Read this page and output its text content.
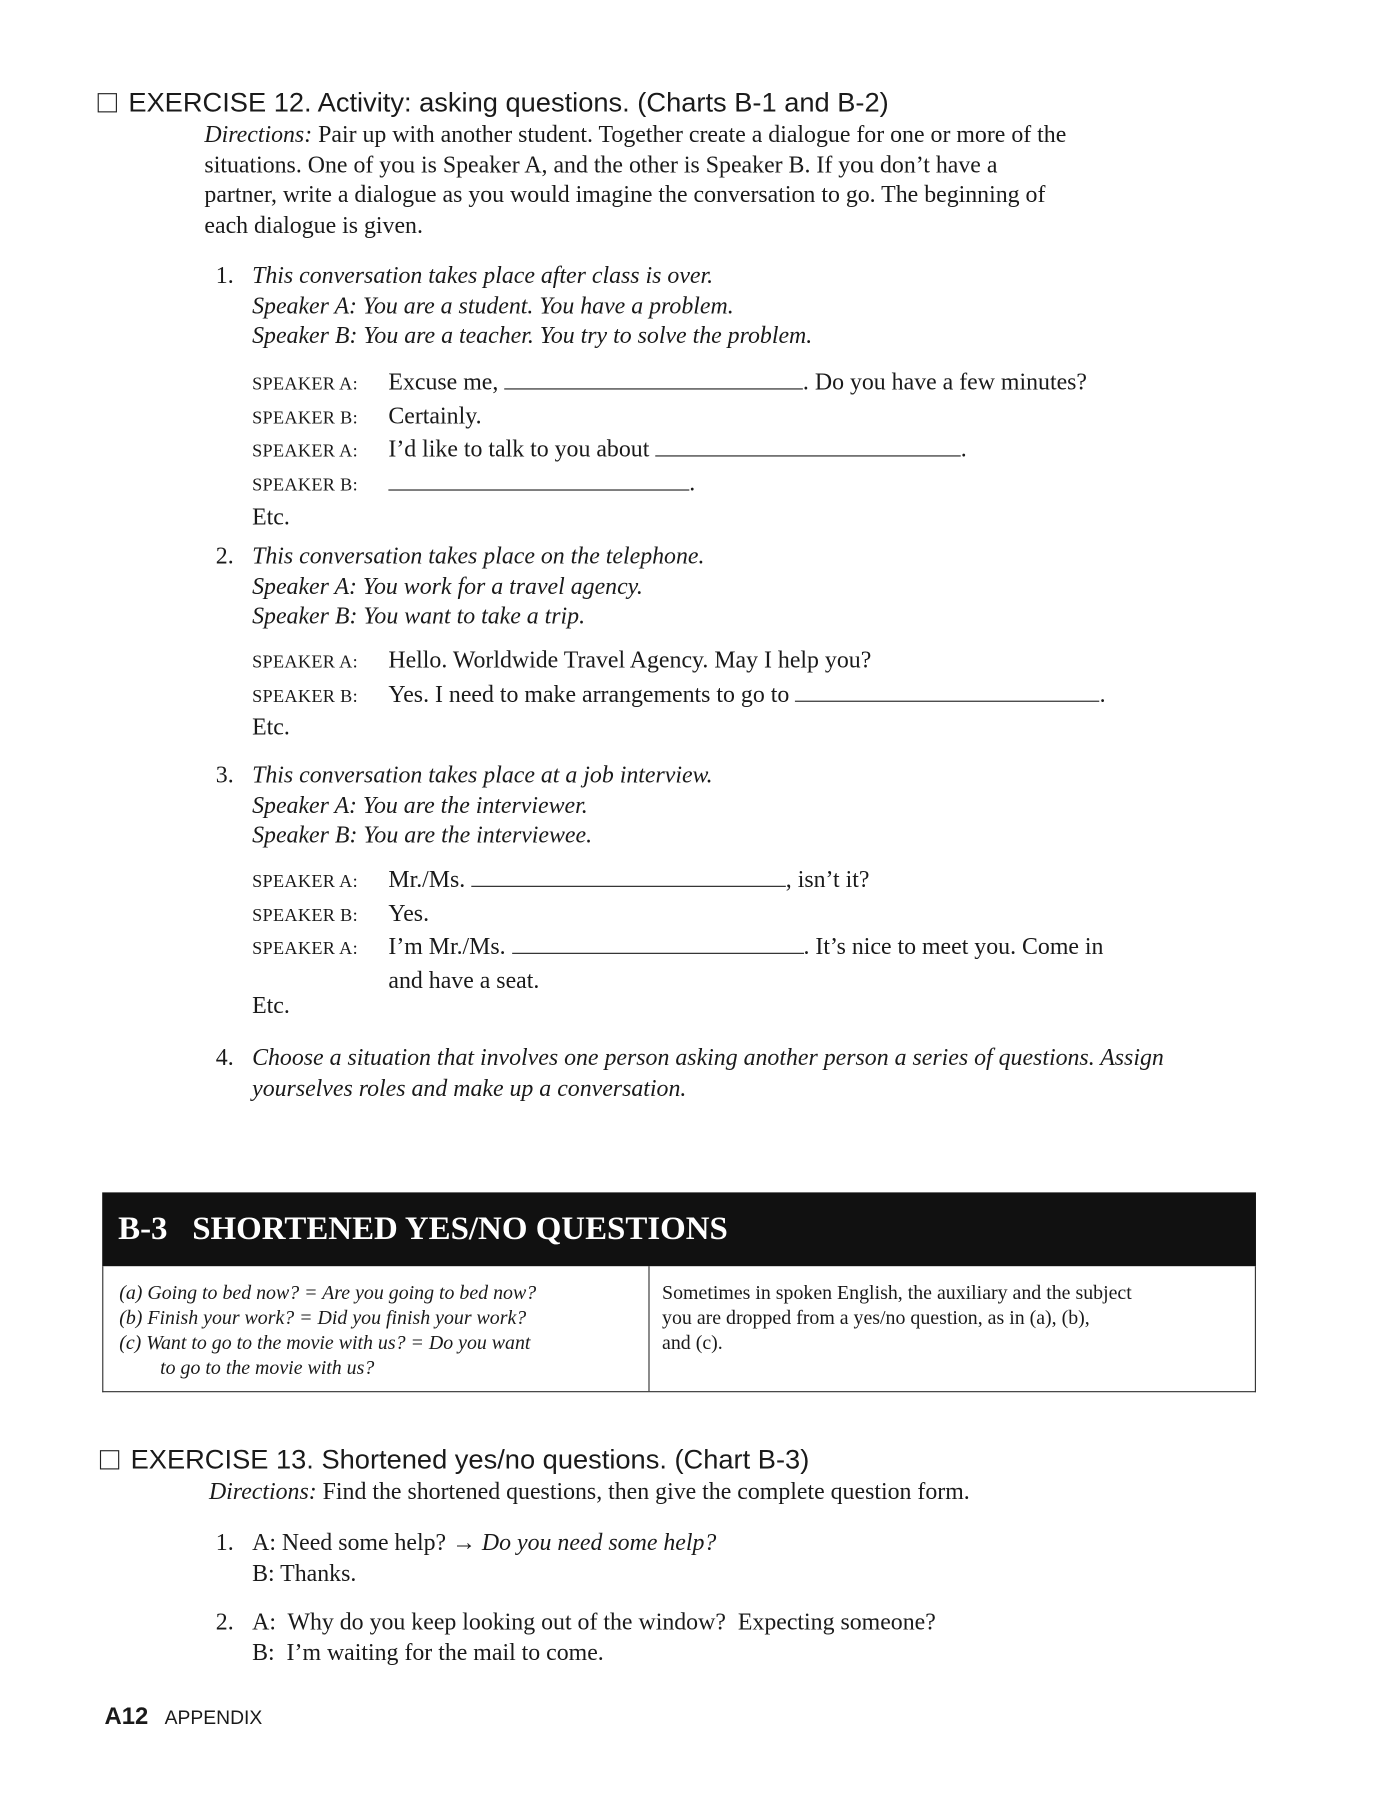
EXERCISE 12. Activity: asking questions. (Charts B-1 and B-2)
Directions: Pair up with another student. Together create a dialogue for one or more of the
situations. One of you is Speaker A, and the other is Speaker B. If you don’t have a
partner, write a dialogue as you would imagine the conversation to go. The beginning of
each dialogue is given.
1. This conversation takes place after class is over.
Speaker A: You are a student. You have a problem.
Speaker B: You are a teacher. You try to solve the problem.
SPEAKER A: Excuse me,	. Do you have a few minutes?
SPEAKER B: Certainly.
SPEAKER A: I’d like to talk to you about	.
SPEAKER B:	.
Etc.
2. This conversation takes place on the telephone.
Speaker A: You work for a travel agency.
Speaker B: You want to take a trip.
SPEAKER A: Hello. Worldwide Travel Agency. May I help you?
SPEAKER B: Yes. I need to make arrangements to go to	.
Etc.
3. This conversation takes place at a job interview.
Speaker A: You are the interviewer.
Speaker B: You are the interviewee.
SPEAKER A: Mr./Ms.	, isn’t it?
SPEAKER B: Yes.
SPEAKER A: I’m Mr./Ms.	. It’s nice to meet you. Come in
and have a seat.
Etc.
4. Choose a situation that involves one person asking another person a series of questions. Assign
yourselves roles and make up a conversation.
B-3   SHORTENED YES/NO QUESTIONS
(a) Going to bed now? = Are you going to bed now?
(b) Finish your work? = Did you finish your work?
(c) Want to go to the movie with us? = Do you want
to go to the movie with us?
Sometimes in spoken English, the auxiliary and the subject
you are dropped from a yes/no question, as in (a), (b),
and (c).
EXERCISE 13. Shortened yes/no questions. (Chart B-3)
Directions: Find the shortened questions, then give the complete question form.
1. A: Need some help? → Do you need some help?
B: Thanks.
2. A:  Why do you keep looking out of the window?  Expecting someone?
B:  I’m waiting for the mail to come.
A12 APPENDIX
